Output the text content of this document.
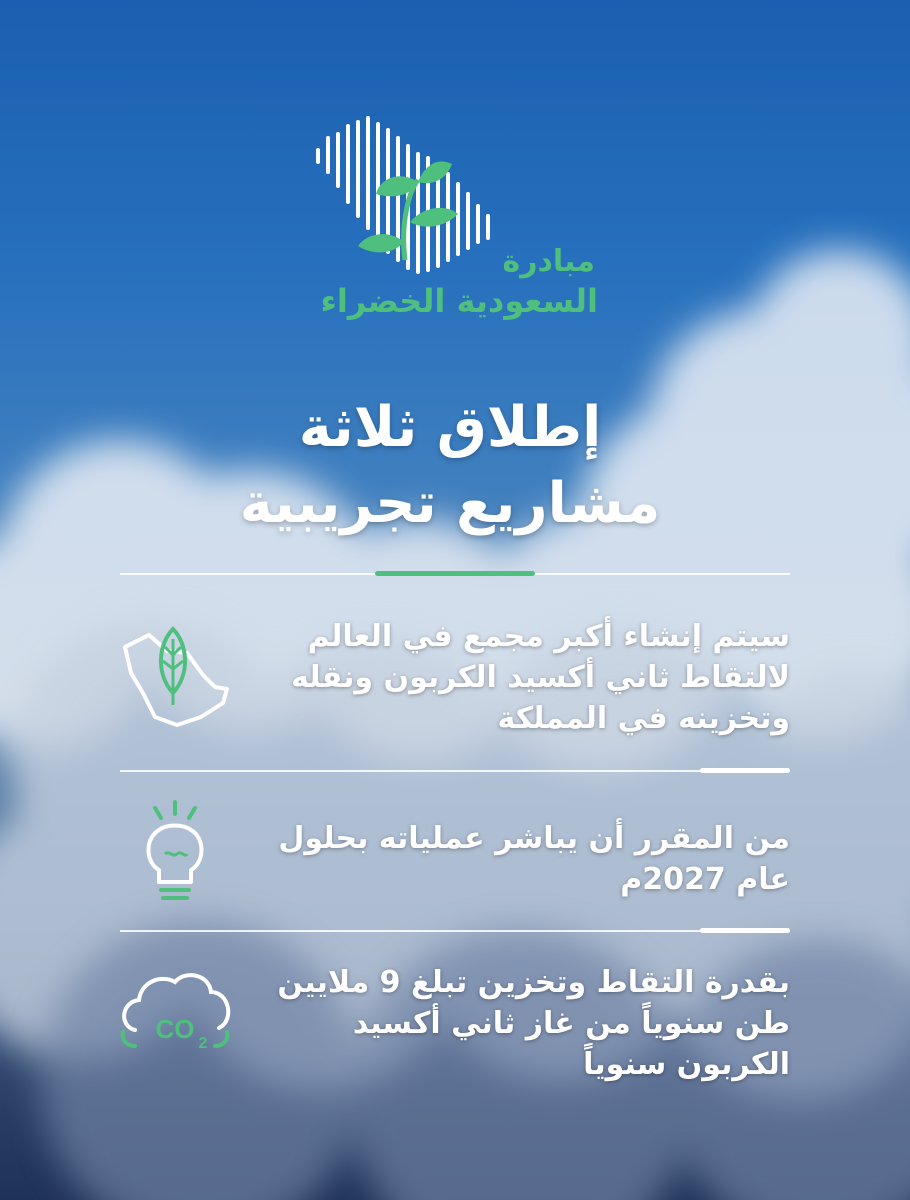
مبادرة
السعودية الخضراء
إطلاق ثلاثة
مشاريع تجريبية
سيتم إنشاء أكبر مجمع في العالم لالتقاط ثاني أكسيد الكربون ونقله وتخزينه في المملكة
من المقرر أن يباشر عملياته بحلول عام 2027م
CO 2
بقدرة التقاط وتخزين تبلغ 9 ملايين طن سنوياً من غاز ثاني أكسيد الكربون سنوياً
